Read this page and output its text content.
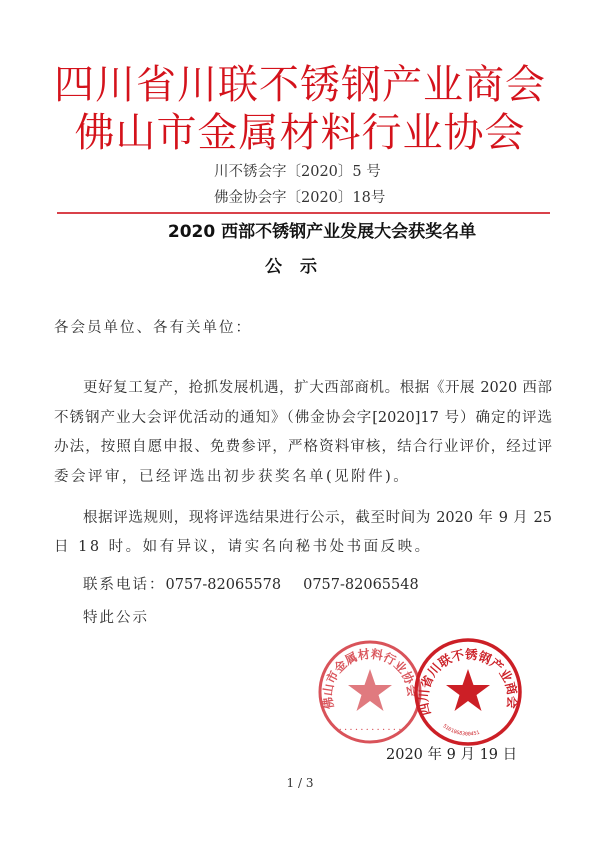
四川省川联不锈钢产业商会
佛山市金属材料行业协会
川不锈会字〔2020〕5 号
佛金协会字〔2020〕18号
2020 西部不锈钢产业发展大会获奖名单
公示
各会员单位、各有关单位：
更好复工复产，抢抓发展机遇，扩大西部商机。根据《开展 2020 西部
不锈钢产业大会评优活动的通知》（佛金协会字[2020]17 号）确定的评选
办法，按照自愿申报、免费参评，严格资料审核，结合行业评价，经过评
委会评审，已经评选出初步获奖名单(见附件)。
根据评选规则，现将评选结果进行公示，截至时间为 2020 年 9 月 25
日 18 时。如有异议，请实名向秘书处书面反映。
联系电话：0757-82065578 0757-82065548
特此公示
佛山市金属材料行业协会
• • • • • • • • • • • •
四川省川联不锈钢产业商会
5101068300451
2020 年 9 月 19 日
1 / 3
